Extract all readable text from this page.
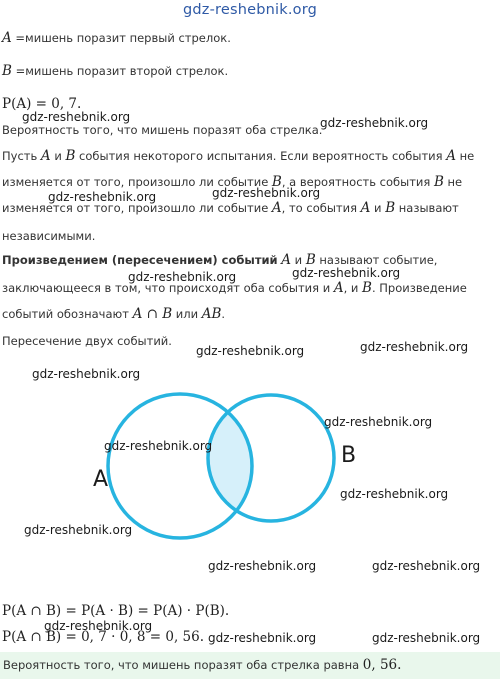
gdz-reshebnik.org
A =мишень поразит первый стрелок.
B =мишень поразит второй стрелок.
P(A) = 0, 7.
Вероятность того, что мишень поразят оба стрелка.
Пусть A и B события некоторого испытания. Если вероятность события A не
изменяется от того, произошло ли событие B, а вероятность события B не
изменяется от того, произошло ли событие A, то события A и B называют
независимыми.
Произведением (пересечением) событий A и B называют событие,
заключающееся в том, что происходят оба события и A, и B. Произведение
событий обозначают A ∩ B или AB.
Пересечение двух событий.
A
B
P(A ∩ B) = P(A · B) = P(A) · P(B).
P(A ∩ B) = 0, 7 · 0, 8 = 0, 56.
Вероятность того, что мишень поразят оба стрелка равна 0, 56.
gdz-reshebnik.org	gdz-reshebnik.org
gdz-reshebnik.org	gdz-reshebnik.org
gdz-reshebnik.org	gdz-reshebnik.org
gdz-reshebnik.org	gdz-reshebnik.org
gdz-reshebnik.org
gdz-reshebnik.org
gdz-reshebnik.org
gdz-reshebnik.org
gdz-reshebnik.org
gdz-reshebnik.org	gdz-reshebnik.org
gdz-reshebnik.org
gdz-reshebnik.org	gdz-reshebnik.org
